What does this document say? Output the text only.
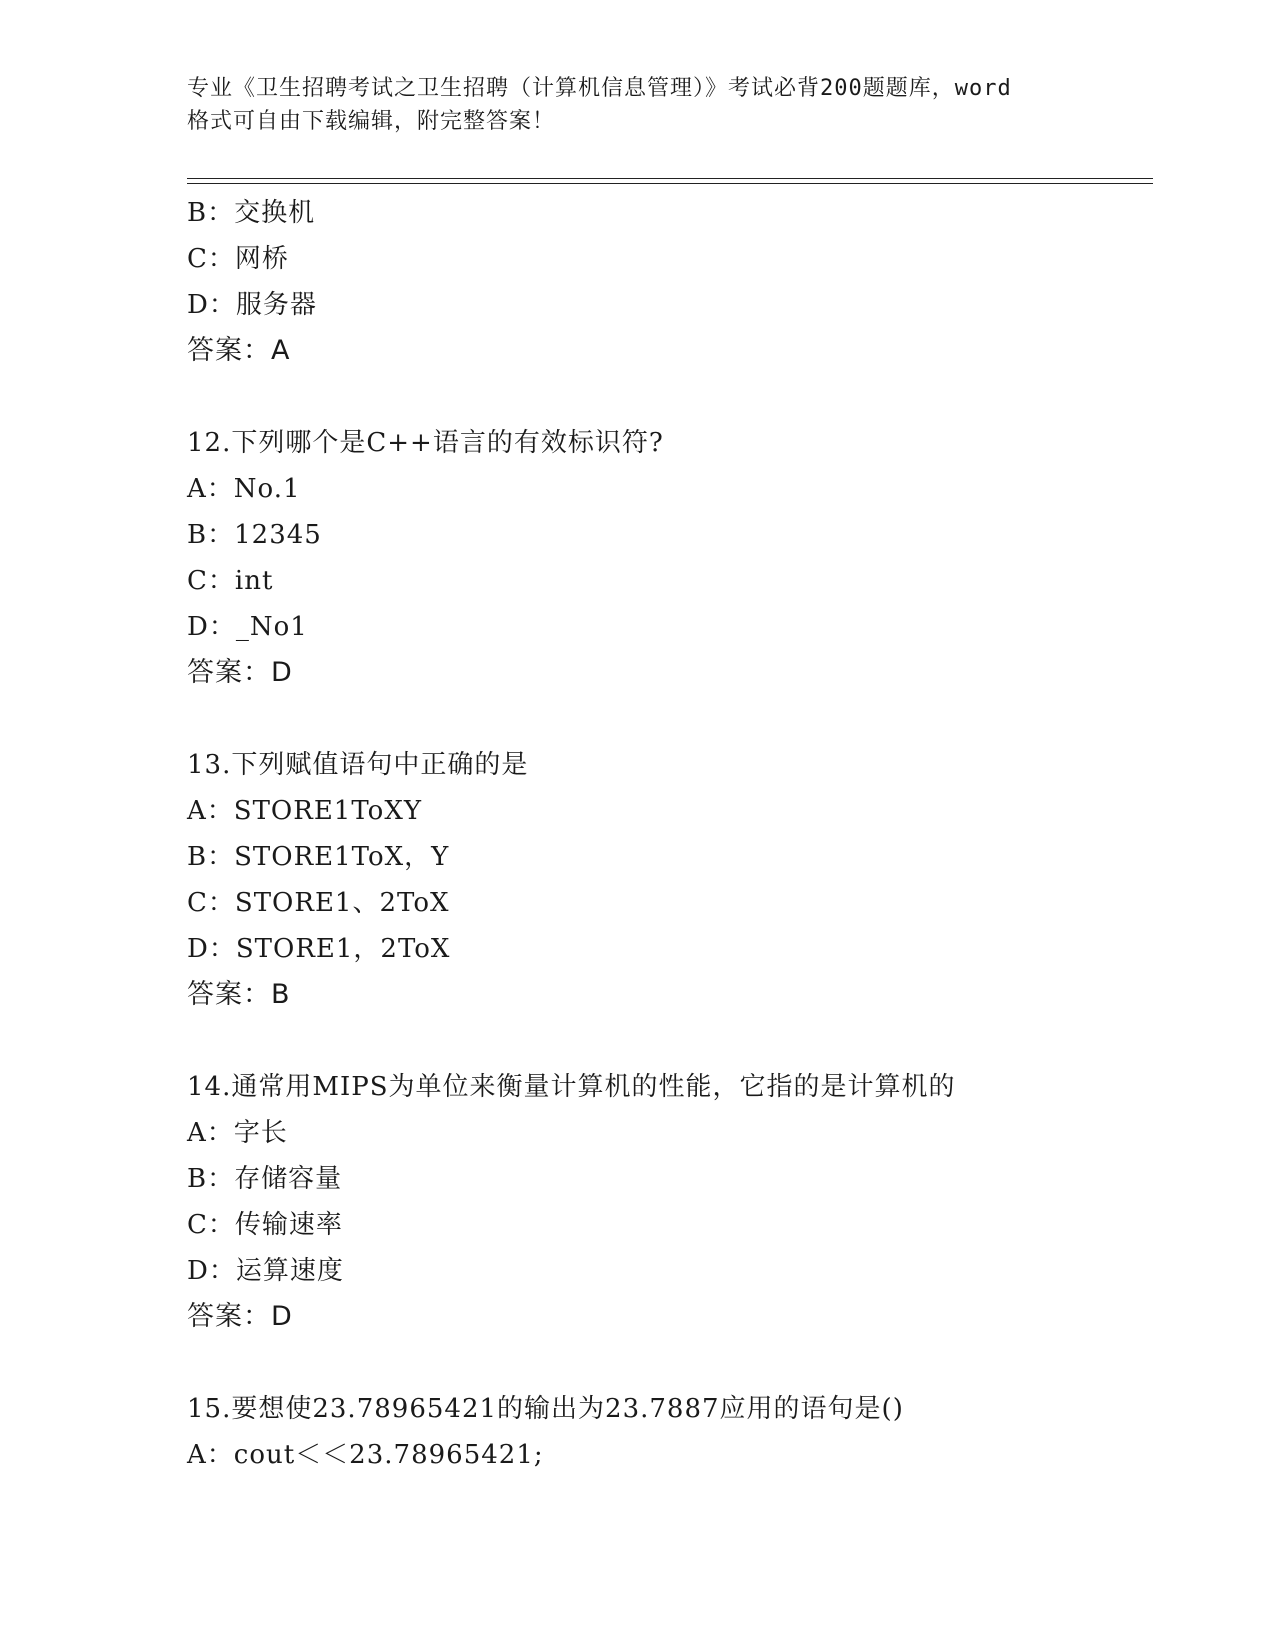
专业《卫生招聘考试之卫生招聘（计算机信息管理）》考试必背200题题库，word
格式可自由下载编辑，附完整答案！
B：交换机
C：网桥
D：服务器
答案：A
12.下列哪个是C++语言的有效标识符?
A：No.1
B：12345
C：int
D：_No1
答案：D
13.下列赋值语句中正确的是
A：STORE1ToXY
B：STORE1ToX，Y
C：STORE1、2ToX
D：STORE1，2ToX
答案：B
14.通常用MIPS为单位来衡量计算机的性能，它指的是计算机的
A：字长
B：存储容量
C：传输速率
D：运算速度
答案：D
15.要想使23.78965421的输出为23.7887应用的语句是()
A：cout＜＜23.78965421;
